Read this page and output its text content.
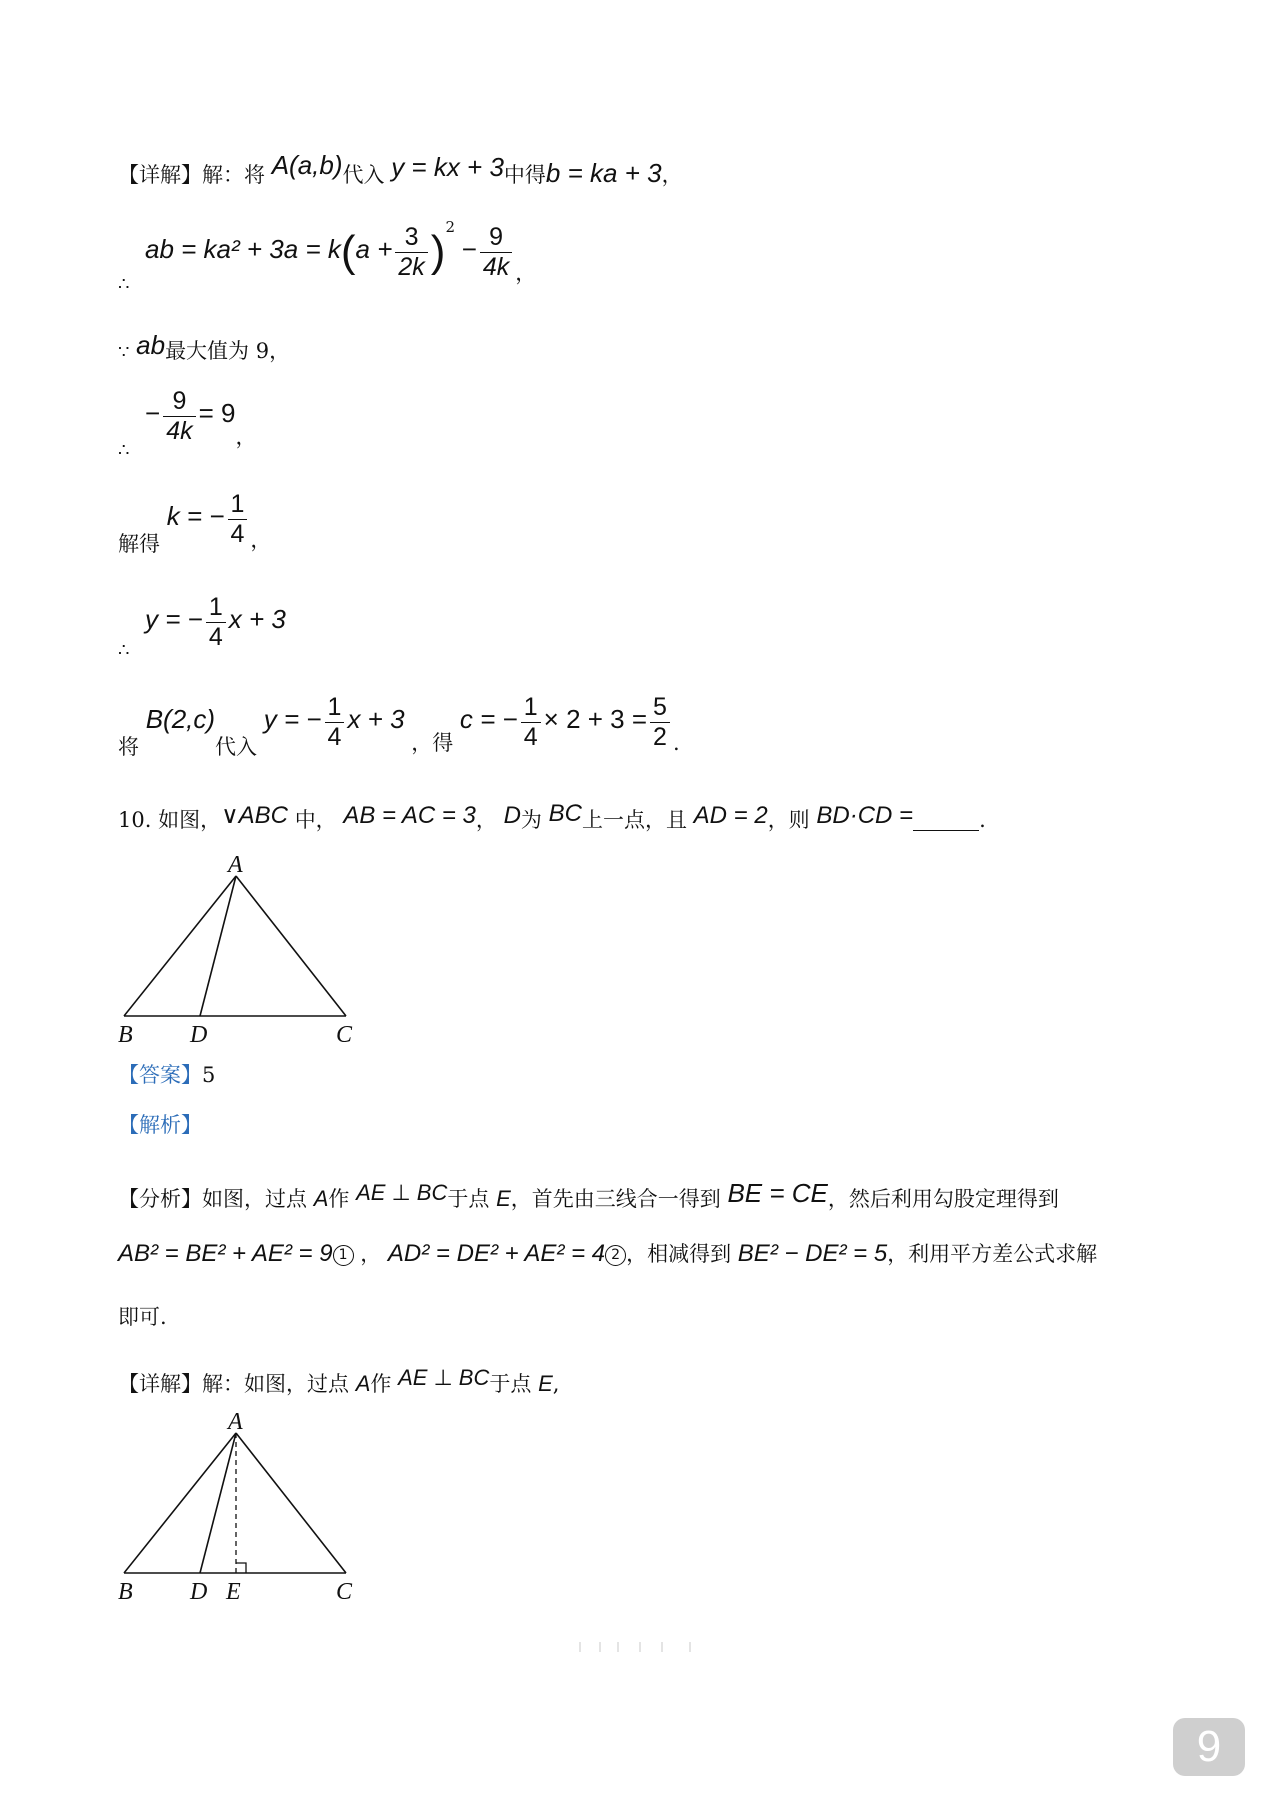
【详解】解：将 A(a,b)代入 y = kx + 3中得b = ka + 3，
∴
ab = $ka^2 + 3a = k(a + \frac{3}{2k} )^2 - \frac{9}{4k}$ ，
∵ ab最大值为 9，
∴
− $\frac{9}{4k} = 9$，
解得 k = − $\frac{1}{4}$ ，
∴
y = − $\frac{1}{4}$ x + 3
将 B(2,c)代入 y = − $\frac{1}{4}$ x + 3 ，得 c = − $\frac{1}{4} \times 2 + 3 = \frac{5}{2}$ .
10. 如图，∨ABC 中， AB = AC = 3， D为 BC上一点，且 AD = 2，则 BD·CD =	.
A
B D	C
【答案】5
【解析】
【分析】如图，过点 A作 AE ⊥ BC于点 E，首先由三线合一得到 BE = CE，然后利用勾股定理得到
AB² = BE² + AE² = 9 1 ， AD² = DE² + AE² = 4 2 ，相减得到 BE² − DE² = 5，利用平方差公式求解
即可.
【详解】解：如图，过点 A作 AE ⊥ BC于点 E,
A
B D E	C
9
